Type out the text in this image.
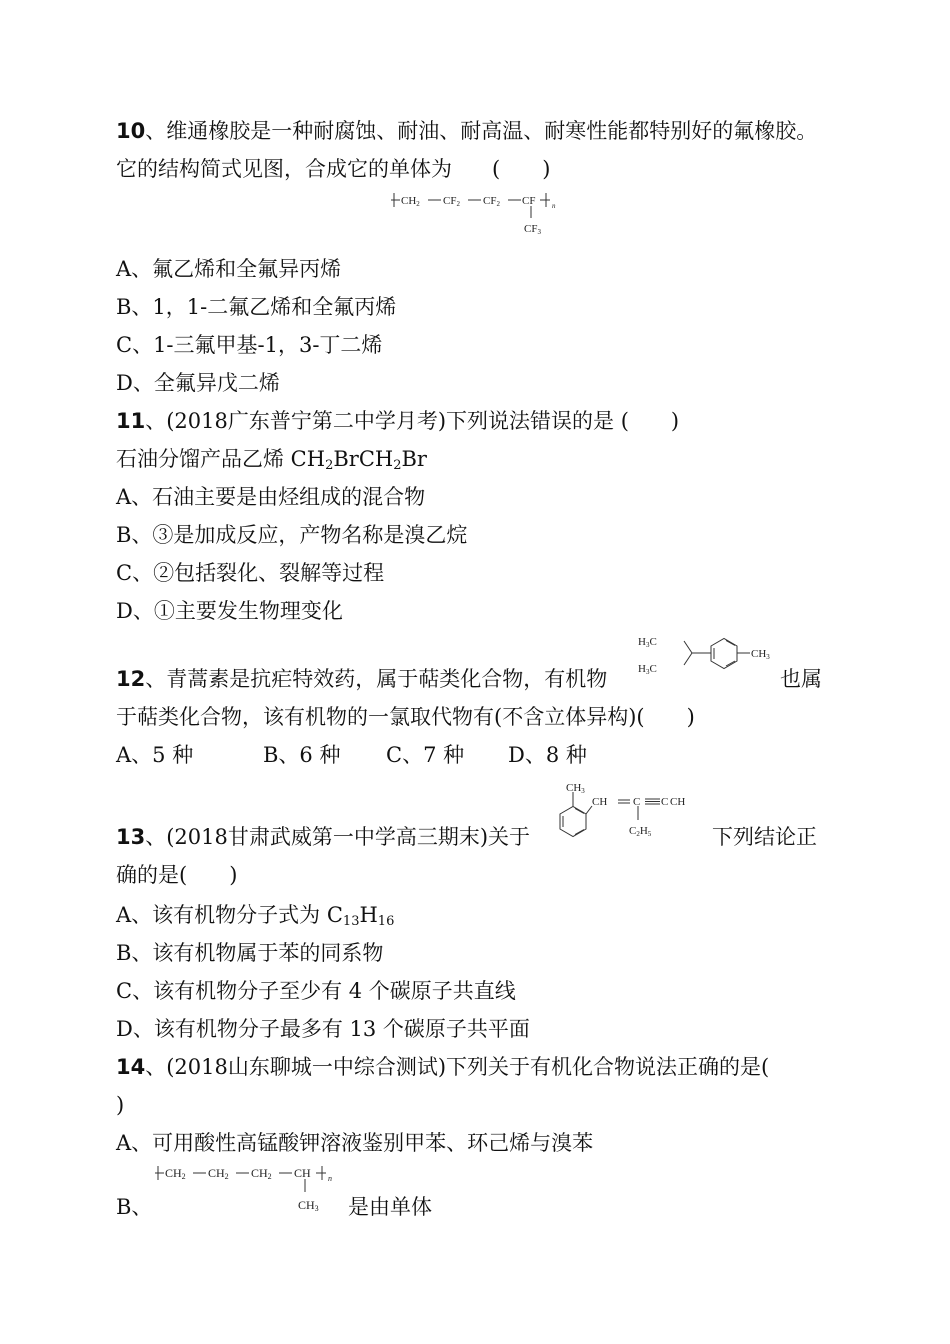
10、维通橡胶是一种耐腐蚀、耐油、耐高温、耐寒性能都特别好的氟橡胶。
它的结构简式见图，合成它的单体为 (　　)
CH2 CF2 CF2 CF n
CF3
A、氟乙烯和全氟异丙烯
B、1，1-二氟乙烯和全氟丙烯
C、1-三氟甲基-1，3-丁二烯
D、全氟异戊二烯
11、(2018广东普宁第二中学月考)下列说法错误的是 (　　)
石油分馏产品乙烯 $CH_2BrCH_2Br$
A、石油主要是由烃组成的混合物
B、③是加成反应，产物名称是溴乙烷
C、②包括裂化、裂解等过程
D、①主要发生物理变化
H3C
H3C
CH3
12、青蒿素是抗疟特效药，属于萜类化合物，有机物	也属
于萜类化合物，该有机物的一氯取代物有(不含立体异构)(　　)
A、5 种	B、6 种 C、7 种 D、8 种
CH3
CH C C CH
C2H5
13、(2018甘肃武威第一中学高三期末)关于	下列结论正
确的是(　　)
A、该有机物分子式为 $C_{13}H_{16}$
B、该有机物属于苯的同系物
C、该有机物分子至少有 4 个碳原子共直线
D、该有机物分子最多有 13 个碳原子共平面
14、(2018山东聊城一中综合测试)下列关于有机化合物说法正确的是(
)
A、可用酸性高锰酸钾溶液鉴别甲苯、环己烯与溴苯
CH2 CH2 CH2 CH n
CH3
B、	是由单体
